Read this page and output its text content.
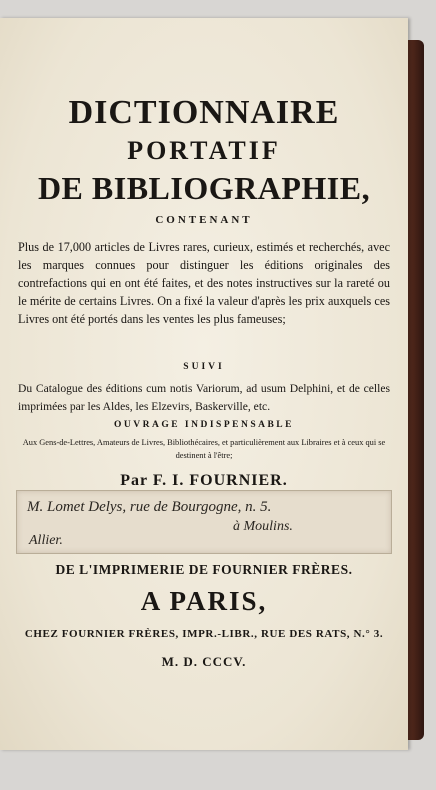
DICTIONNAIRE
PORTATIF
DE BIBLIOGRAPHIE,
CONTENANT
Plus de 17,000 articles de Livres rares, curieux, estimés et recherchés, avec les marques connues pour distinguer les éditions originales des contrefactions qui en ont été faites, et des notes instructives sur la rareté ou le mérite de certains Livres. On a fixé la valeur d'après les prix auxquels ces Livres ont été portés dans les ventes les plus fameuses;
SUIVI
Du Catalogue des éditions cum notis Variorum, ad usum Delphini, et de celles imprimées par les Aldes, les Elzevirs, Baskerville, etc.
OUVRAGE INDISPENSABLE
Aux Gens-de-Lettres, Amateurs de Livres, Bibliothécaires, et particulièrement aux Libraires et à ceux qui se destinent à l'être;
Par F. I. FOURNIER.
M. Lomet Delys, rue de Bourgogne, n. 5.
à Moulins.
Allier.
DE L'IMPRIMERIE DE FOURNIER FRÈRES.
A PARIS,
CHEZ FOURNIER FRÈRES, IMPR.-LIBR., RUE DES RATS, N.° 3.
M. D. CCCV.
